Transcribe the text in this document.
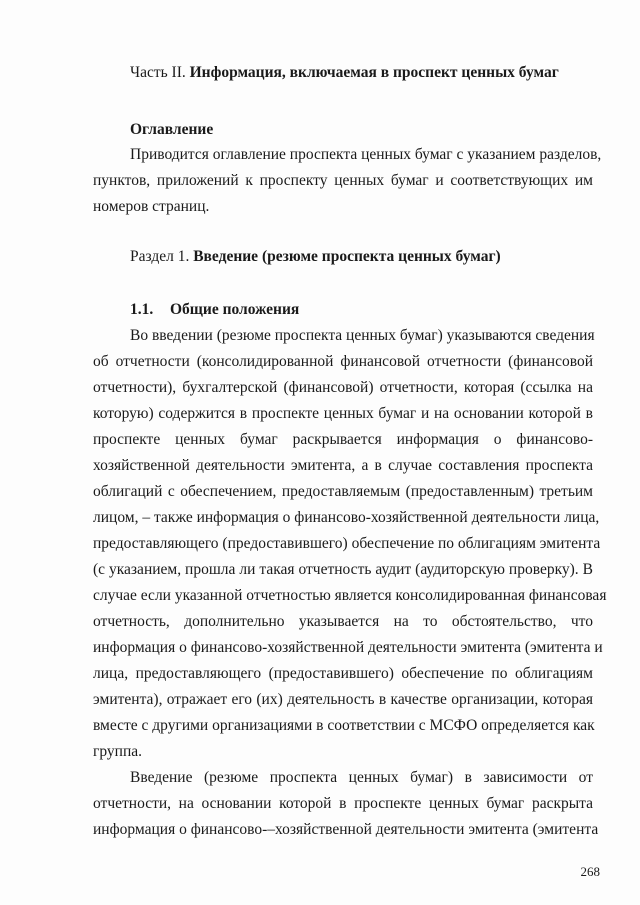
Часть II. Информация, включаемая в проспект ценных бумаг
Оглавление
Приводится оглавление проспекта ценных бумаг с указанием разделов,
пунктов, приложений к проспекту ценных бумаг и соответствующих им
номеров страниц.
Раздел 1. Введение (резюме проспекта ценных бумаг)
1.1. Общие положения
Во введении (резюме проспекта ценных бумаг) указываются сведения
об отчетности (консолидированной финансовой отчетности (финансовой
отчетности), бухгалтерской (финансовой) отчетности, которая (ссылка на
которую) содержится в проспекте ценных бумаг и на основании которой в
проспекте ценных бумаг раскрывается информация о финансово-
хозяйственной деятельности эмитента, а в случае составления проспекта
облигаций с обеспечением, предоставляемым (предоставленным) третьим
лицом, – также информация о финансово-хозяйственной деятельности лица,
предоставляющего (предоставившего) обеспечение по облигациям эмитента
(с указанием, прошла ли такая отчетность аудит (аудиторскую проверку). В
случае если указанной отчетностью является консолидированная финансовая
отчетность, дополнительно указывается на то обстоятельство, что
информация о финансово-хозяйственной деятельности эмитента (эмитента и
лица, предоставляющего (предоставившего) обеспечение по облигациям
эмитента), отражает его (их) деятельность в качестве организации, которая
вместе с другими организациями в соответствии с МСФО определяется как
группа.
Введение (резюме проспекта ценных бумаг) в зависимости от
отчетности, на основании которой в проспекте ценных бумаг раскрыта
информация о финансово-–хозяйственной деятельности эмитента (эмитента
268
